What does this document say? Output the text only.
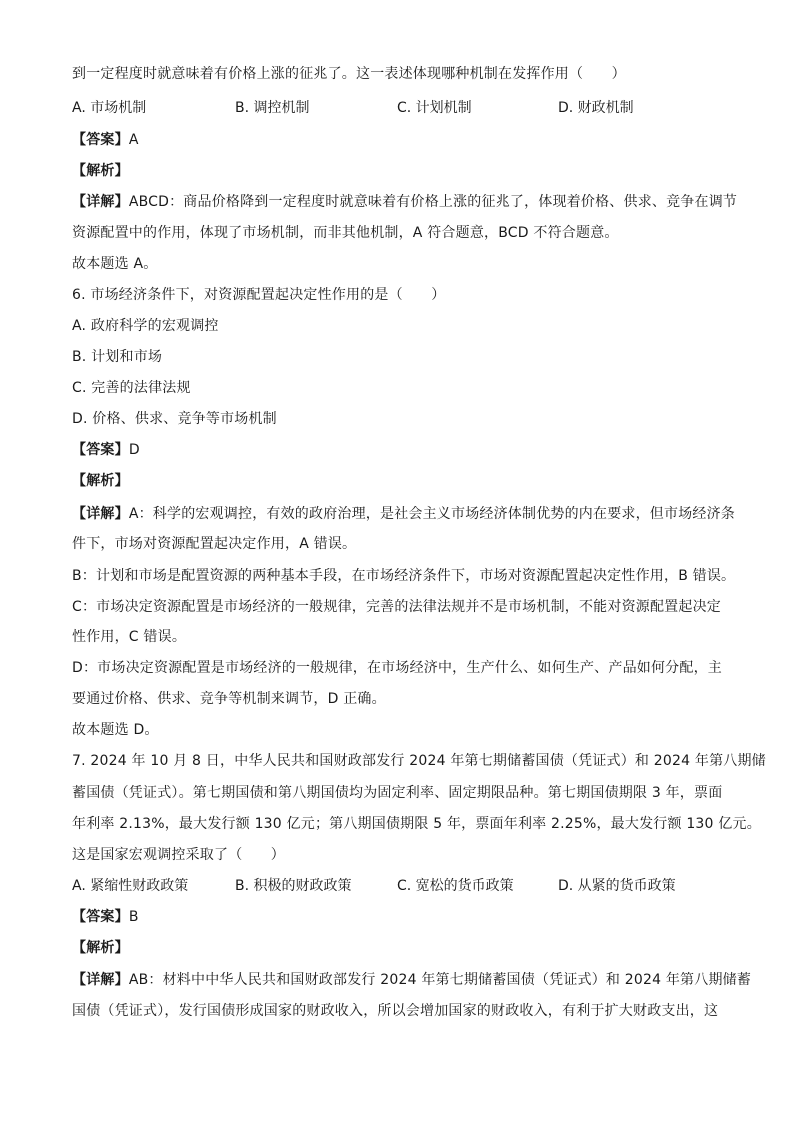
到一定程度时就意味着有价格上涨的征兆了。这一表述体现哪种机制在发挥作用（　　）
A. 市场机制	B. 调控机制	C. 计划机制	D. 财政机制
【答案】A
【解析】
【详解】ABCD：商品价格降到一定程度时就意味着有价格上涨的征兆了，体现着价格、供求、竞争在调节
资源配置中的作用，体现了市场机制，而非其他机制，A 符合题意，BCD 不符合题意。
故本题选 A。
6. 市场经济条件下，对资源配置起决定性作用的是（　　）
A. 政府科学的宏观调控
B. 计划和市场
C. 完善的法律法规
D. 价格、供求、竞争等市场机制
【答案】D
【解析】
【详解】A：科学的宏观调控，有效的政府治理，是社会主义市场经济体制优势的内在要求，但市场经济条
件下，市场对资源配置起决定作用，A 错误。
B：计划和市场是配置资源的两种基本手段，在市场经济条件下，市场对资源配置起决定性作用，B 错误。
C：市场决定资源配置是市场经济的一般规律，完善的法律法规并不是市场机制，不能对资源配置起决定
性作用，C 错误。
D：市场决定资源配置是市场经济的一般规律，在市场经济中，生产什么、如何生产、产品如何分配，主
要通过价格、供求、竞争等机制来调节，D 正确。
故本题选 D。
7. 2024 年 10 月 8 日，中华人民共和国财政部发行 2024 年第七期储蓄国债（凭证式）和 2024 年第八期储
蓄国债（凭证式）。第七期国债和第八期国债均为固定利率、固定期限品种。第七期国债期限 3 年，票面
年利率 2.13%，最大发行额 130 亿元；第八期国债期限 5 年，票面年利率 2.25%，最大发行额 130 亿元。
这是国家宏观调控采取了（　　）
A. 紧缩性财政政策	B. 积极的财政政策	C. 宽松的货币政策	D. 从紧的货币政策
【答案】B
【解析】
【详解】AB：材料中中华人民共和国财政部发行 2024 年第七期储蓄国债（凭证式）和 2024 年第八期储蓄
国债（凭证式），发行国债形成国家的财政收入，所以会增加国家的财政收入，有利于扩大财政支出，这
